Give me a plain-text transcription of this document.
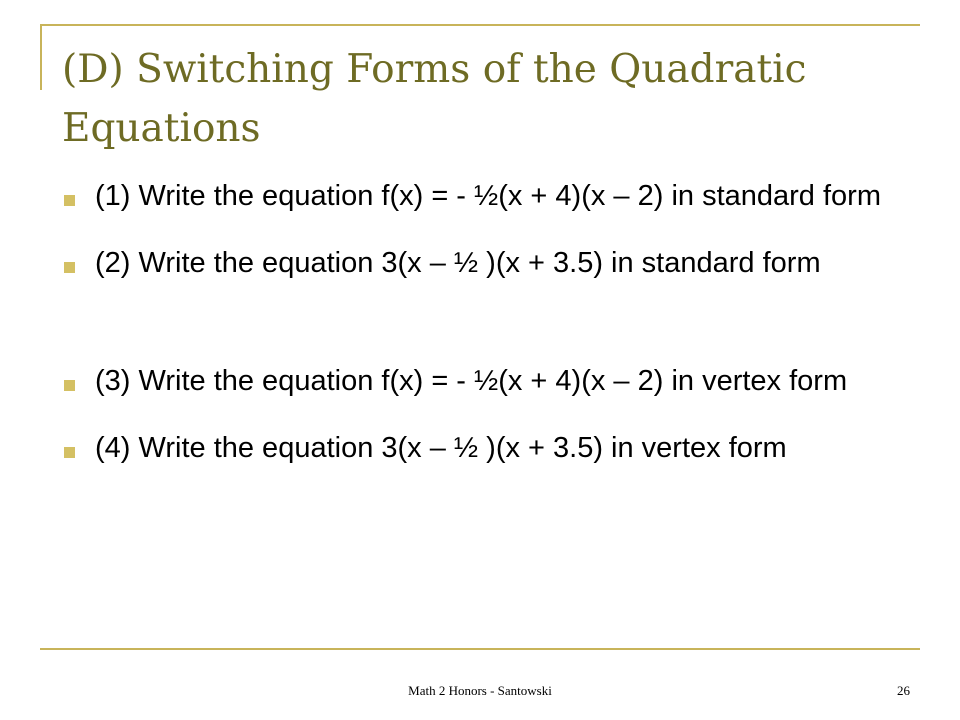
(D) Switching Forms of the Quadratic Equations
(1) Write the equation f(x) = - ½(x + 4)(x – 2) in standard form
(2) Write the equation 3(x – ½ )(x + 3.5) in standard form
(3) Write the equation f(x) = - ½(x + 4)(x – 2) in vertex form
(4) Write the equation 3(x – ½ )(x + 3.5) in vertex form
Math 2 Honors - Santowski	26
